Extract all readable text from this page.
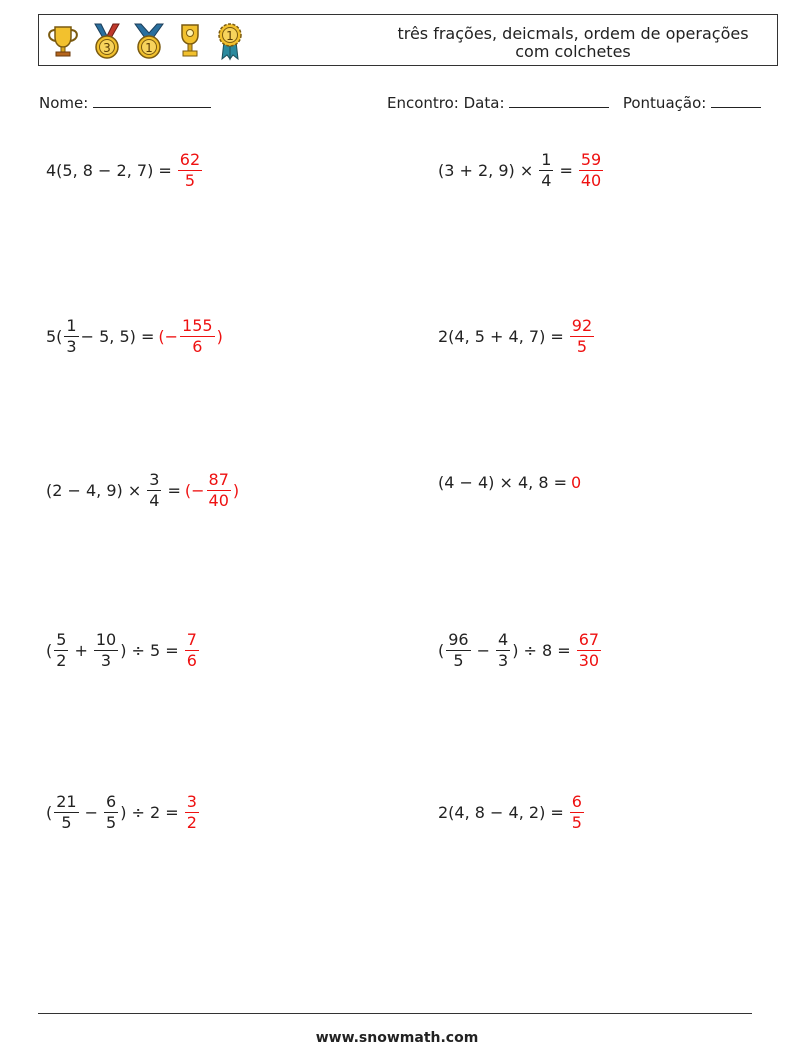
3	1
1	três frações, deicmals, ordem de operações
com colchetes
Nome:	Encontro: Data:	Pontuação:
4(5, 8 − 2, $7) = \frac{62}{5}$	(3 + 2, $9) \times \frac{1}{4} = \frac{59}{40}$
$5( \frac{1}{3} - 5$, 5) = (− $\frac{155}{6}$ )	2(4, 5 + 4, $7) = \frac{92}{5}$
(2 − 4, $9) \times \frac{3}{4}$ = (− $\frac{87}{40}$ )	(4 − 4) × 4, 8 = 0
( $\frac{5}{2} + \frac{10}{3}$ ) ÷ $5 = \frac{7}{6}$	( $\frac{96}{5} - \frac{4}{3}$ ) ÷ $8 = \frac{67}{30}$
( $\frac{21}{5} - \frac{6}{5}$ ) ÷ $2 = \frac{3}{2}$	2(4, 8 − 4, $2) = \frac{6}{5}$
www.snowmath.com
